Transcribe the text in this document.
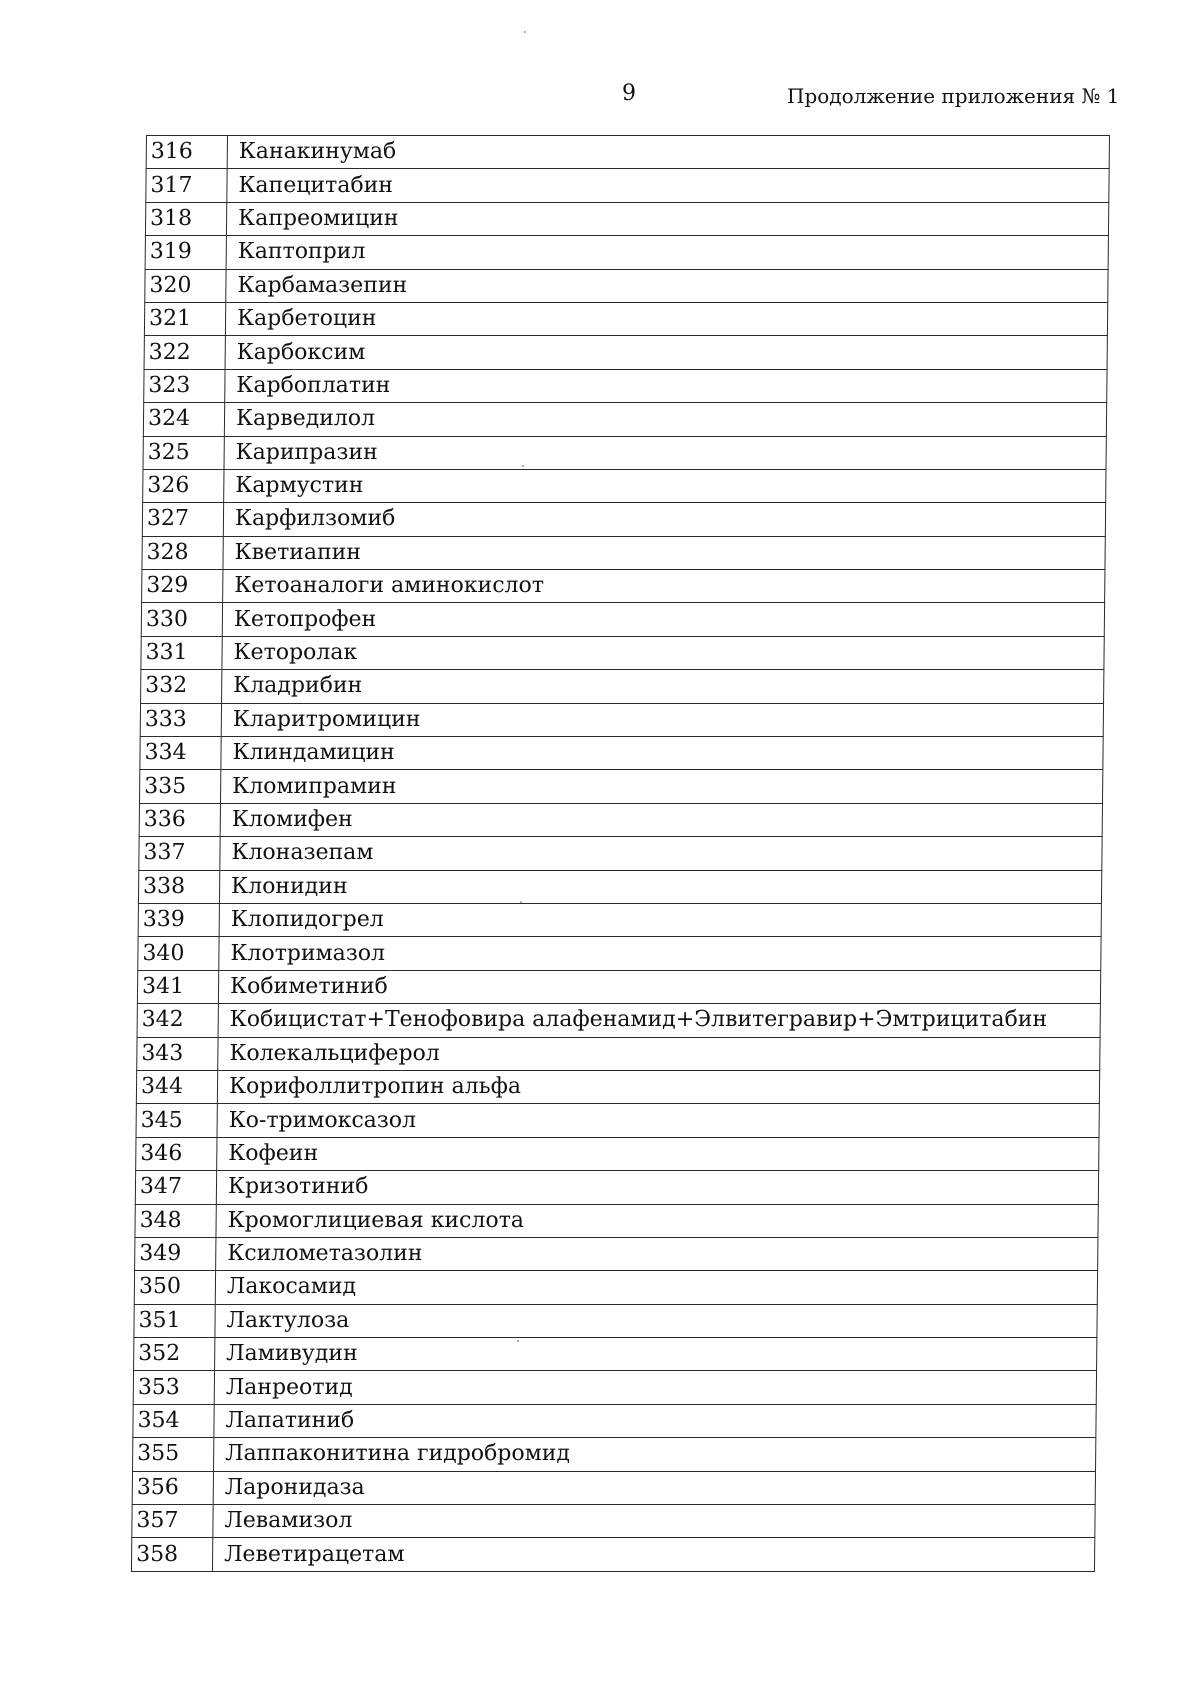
9	Продолжение приложения № 1
316	Канакинумаб
317	Капецитабин
318	Капреомицин
319	Каптоприл
320	Карбамазепин
321	Карбетоцин
322	Карбоксим
323	Карбоплатин
324	Карведилол
325	Карипразин
326	Кармустин
327	Карфилзомиб
328	Кветиапин
329	Кетоаналоги аминокислот
330	Кетопрофен
331	Кеторолак
332	Кладрибин
333	Кларитромицин
334	Клиндамицин
335	Кломипрамин
336	Кломифен
337	Клоназепам
338	Клонидин
339	Клопидогрел
340	Клотримазол
341	Кобиметиниб
342	Кобицистат+Тенофовира алафенамид+Элвитегравир+Эмтрицитабин
343	Колекальциферол
344	Корифоллитропин альфа
345	Ко-тримоксазол
346	Кофеин
347	Кризотиниб
348	Кромоглициевая кислота
349	Ксилометазолин
350	Лакосамид
351	Лактулоза
352	Ламивудин
353	Ланреотид
354	Лапатиниб
355	Лаппаконитина гидробромид
356	Ларонидаза
357	Левамизол
358	Леветирацетам
